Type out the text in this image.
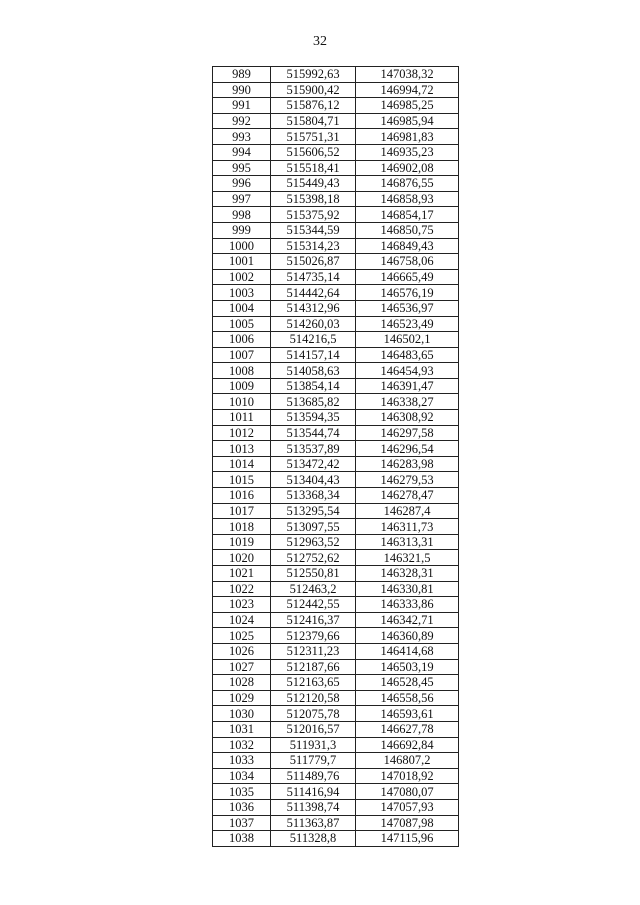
32
989	515992,63	147038,32
990	515900,42	146994,72
991	515876,12	146985,25
992	515804,71	146985,94
993	515751,31	146981,83
994	515606,52	146935,23
995	515518,41	146902,08
996	515449,43	146876,55
997	515398,18	146858,93
998	515375,92	146854,17
999	515344,59	146850,75
1000	515314,23	146849,43
1001	515026,87	146758,06
1002	514735,14	146665,49
1003	514442,64	146576,19
1004	514312,96	146536,97
1005	514260,03	146523,49
1006	514216,5	146502,1
1007	514157,14	146483,65
1008	514058,63	146454,93
1009	513854,14	146391,47
1010	513685,82	146338,27
1011	513594,35	146308,92
1012	513544,74	146297,58
1013	513537,89	146296,54
1014	513472,42	146283,98
1015	513404,43	146279,53
1016	513368,34	146278,47
1017	513295,54	146287,4
1018	513097,55	146311,73
1019	512963,52	146313,31
1020	512752,62	146321,5
1021	512550,81	146328,31
1022	512463,2	146330,81
1023	512442,55	146333,86
1024	512416,37	146342,71
1025	512379,66	146360,89
1026	512311,23	146414,68
1027	512187,66	146503,19
1028	512163,65	146528,45
1029	512120,58	146558,56
1030	512075,78	146593,61
1031	512016,57	146627,78
1032	511931,3	146692,84
1033	511779,7	146807,2
1034	511489,76	147018,92
1035	511416,94	147080,07
1036	511398,74	147057,93
1037	511363,87	147087,98
1038	511328,8	147115,96
